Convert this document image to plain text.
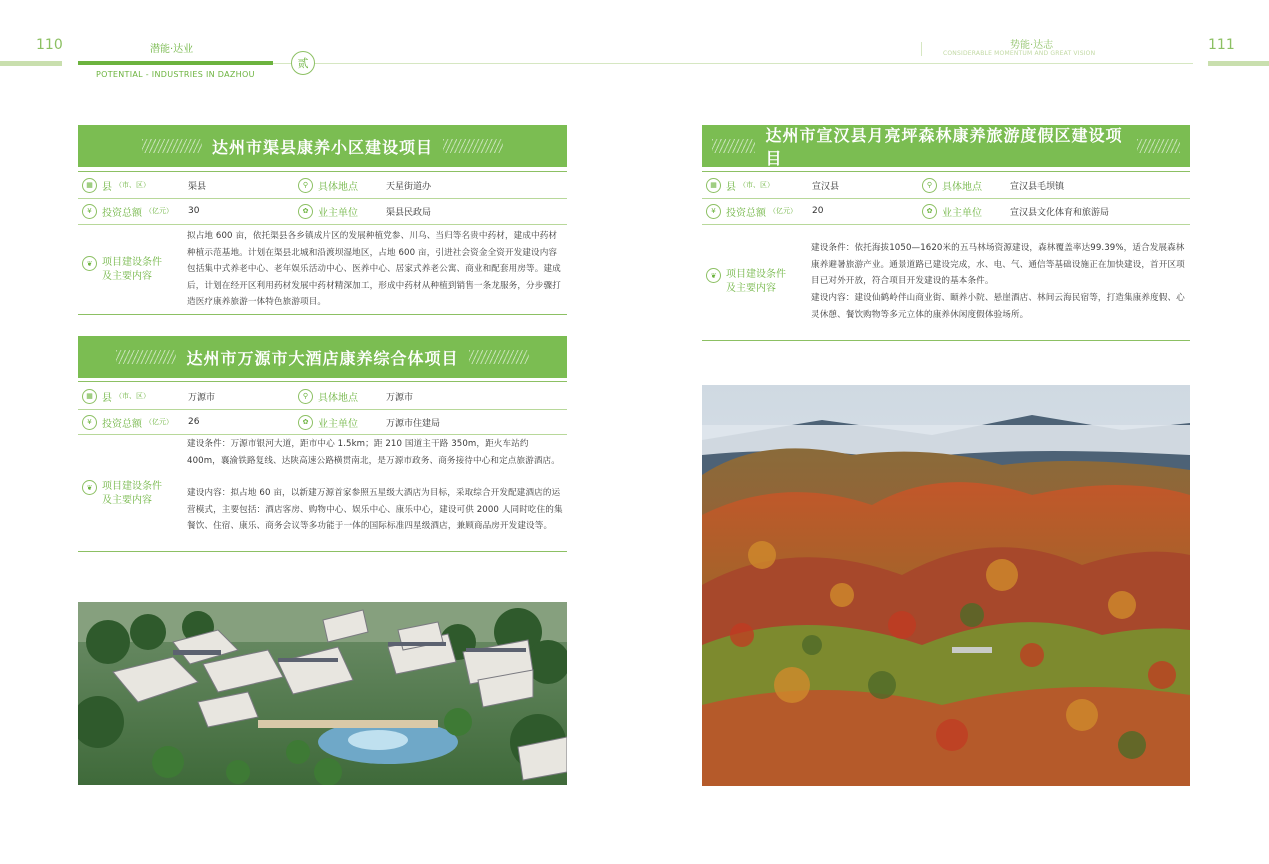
110	潜能·达业
POTENTIAL - INDUSTRIES IN DAZHOU
贰
势能·达志
CONSIDERABLE MOMENTUM AND GREAT VISION
111
达州市渠县康养小区建设项目
▦ 县 （市、区）	渠县	⚲ 具体地点	天星街道办
¥	投资总额 （亿元） 30	✿ 业主单位	渠县民政局
❦ 项目建设条件
及主要内容
拟占地 600 亩，依托渠县各乡镇成片区的发展种植党参、川乌、当归等名贵中药材，建成中药材种植示范基地。计划在渠县北城和沿渡坝湿地区，占地 600 亩，引进社会资金全资开发建设内容包括集中式养老中心、老年娱乐活动中心、医养中心、居家式养老公寓、商业和配套用房等。建成后，计划在经开区利用药材发展中药材精深加工，形成中药材从种植到销售一条龙服务，分步骤打造医疗康养旅游一体特色旅游项目。
达州市万源市大酒店康养综合体项目
▦ 县 （市、区）	万源市	⚲ 具体地点	万源市
¥	投资总额 （亿元） 26	✿ 业主单位	万源市住建局
❦ 项目建设条件
及主要内容
建设条件：万源市银河大道，距市中心 1.5km；距 210 国道主干路 350m，距火车站约 400m，襄渝铁路复线、达陕高速公路横贯南北，是万源市政务、商务接待中心和定点旅游酒店。
建设内容：拟占地 60 亩，以新建万源首家参照五星级大酒店为目标，采取综合开发配建酒店的运营模式，主要包括：酒店客房、购物中心、娱乐中心、康乐中心，建设可供 2000 人同时吃住的集餐饮、住宿、康乐、商务会议等多功能于一体的国际标准四星级酒店，兼顾商品房开发建设等。
达州市宣汉县月亮坪森林康养旅游度假区建设项目
▦ 县 （市、区）	宣汉县	⚲ 具体地点	宣汉县毛坝镇
¥	投资总额 （亿元） 20	✿ 业主单位	宣汉县文化体育和旅游局
❦ 项目建设条件
及主要内容
建设条件：依托海拔1050—1620米的五马林场资源建设，森林覆盖率达99.39%，适合发展森林康养避暑旅游产业。通景道路已建设完成，水、电、气、通信等基础设施正在加快建设，首开区项目已对外开放，符合项目开发建设的基本条件。
建设内容：建设仙鹤岭伴山商业街、颐养小院、悬崖酒店、林间云海民宿等，打造集康养度假、心灵休憩、餐饮购物等多元立体的康养休闲度假体验场所。
